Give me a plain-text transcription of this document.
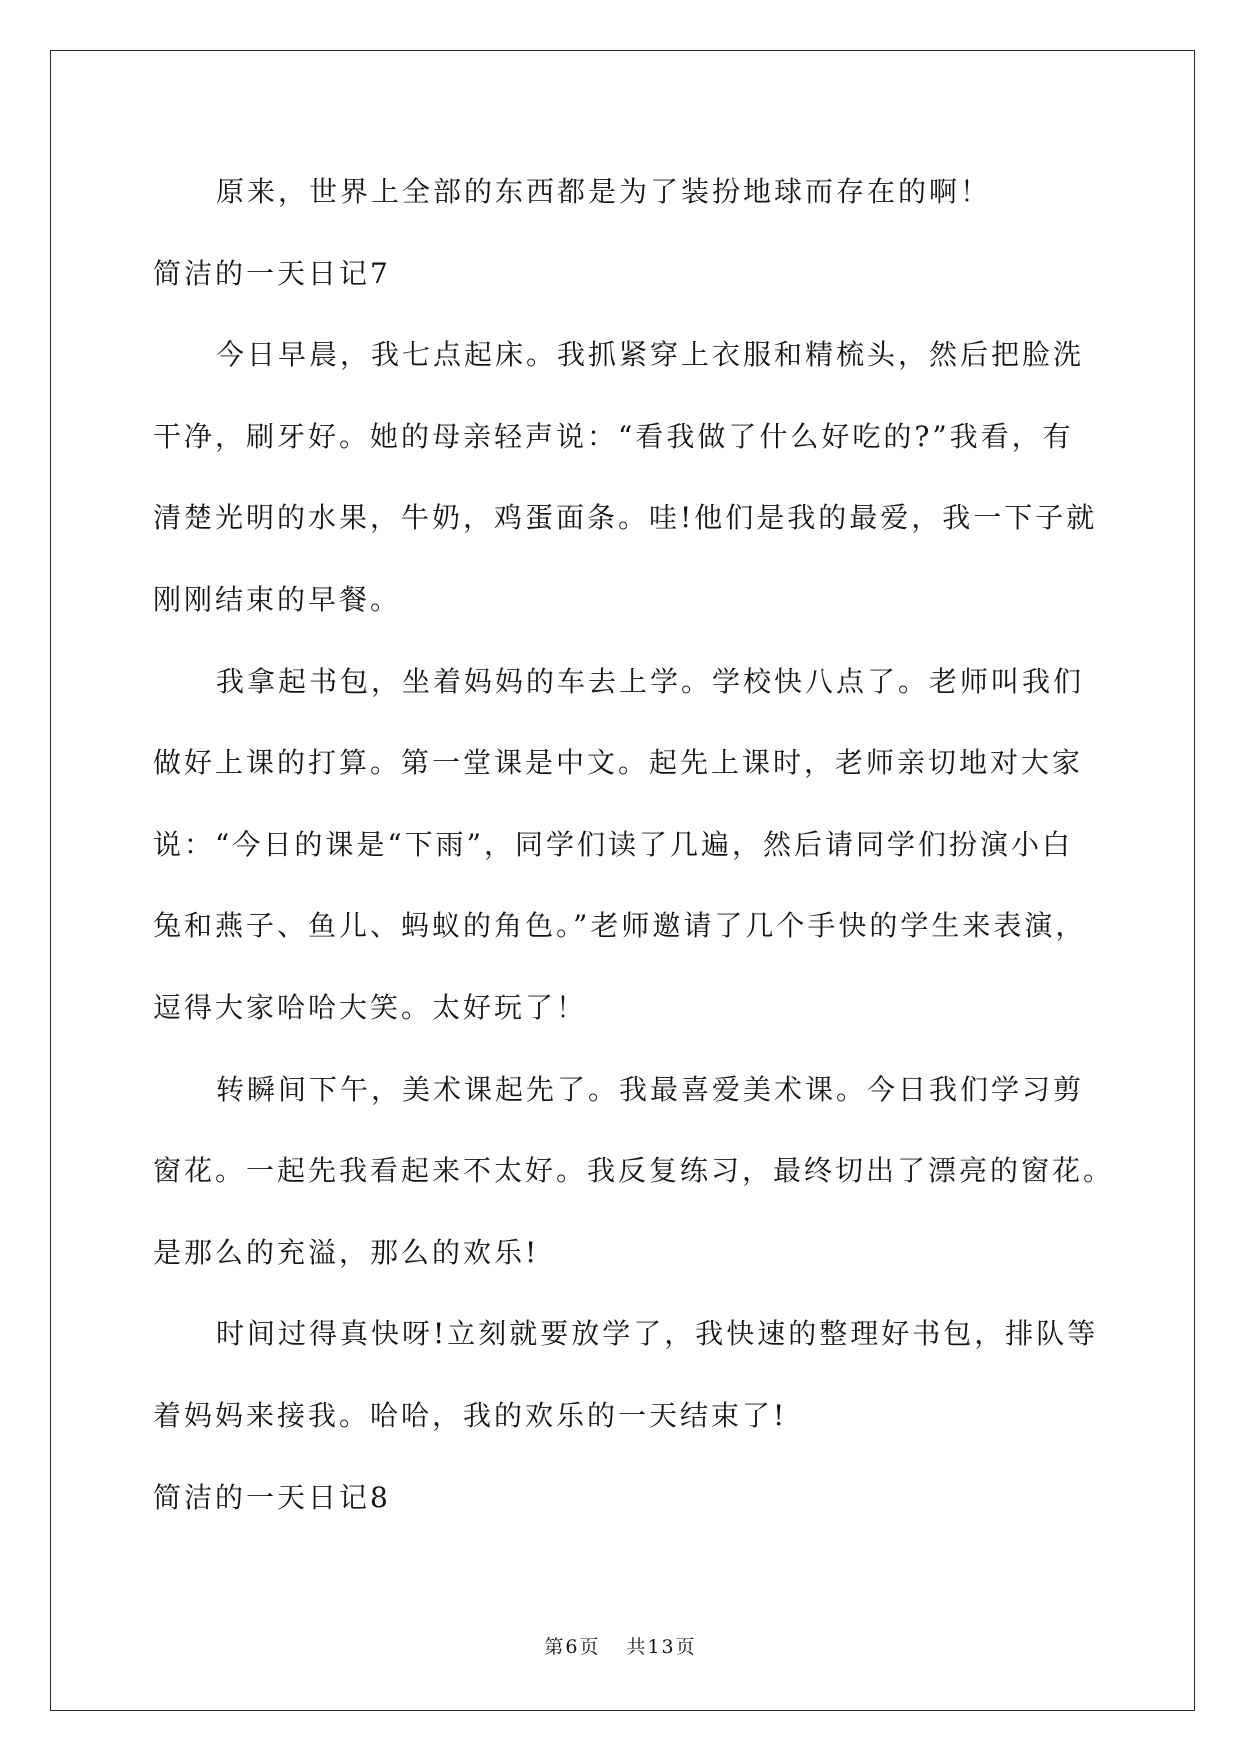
原来，世界上全部的东西都是为了装扮地球而存在的啊！
简洁的一天日记7
今日早晨，我七点起床。我抓紧穿上衣服和精梳头，然后把脸洗
干净，刷牙好。她的母亲轻声说：“看我做了什么好吃的?”我看，有
清楚光明的水果，牛奶，鸡蛋面条。哇!他们是我的最爱，我一下子就
刚刚结束的早餐。
我拿起书包，坐着妈妈的车去上学。学校快八点了。老师叫我们
做好上课的打算。第一堂课是中文。起先上课时，老师亲切地对大家
说：“今日的课是“下雨”，同学们读了几遍，然后请同学们扮演小白
兔和燕子、鱼儿、蚂蚁的角色。”老师邀请了几个手快的学生来表演，
逗得大家哈哈大笑。太好玩了！
转瞬间下午，美术课起先了。我最喜爱美术课。今日我们学习剪
窗花。一起先我看起来不太好。我反复练习，最终切出了漂亮的窗花。
是那么的充溢，那么的欢乐!
时间过得真快呀!立刻就要放学了，我快速的整理好书包，排队等
着妈妈来接我。哈哈，我的欢乐的一天结束了!
简洁的一天日记8
第6页 共13页
